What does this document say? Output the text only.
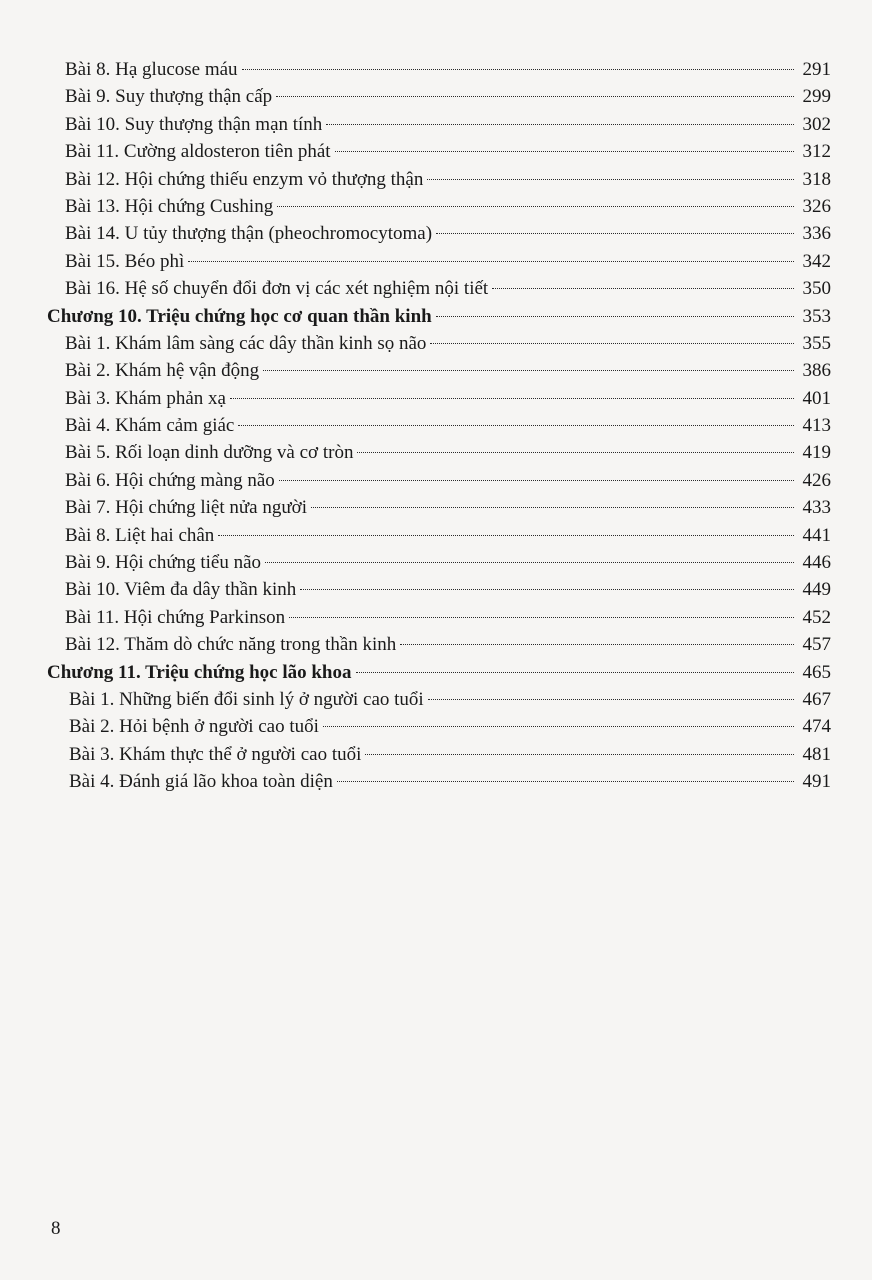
Bài 8. Hạ glucose máu	291
Bài 9. Suy thượng thận cấp	299
Bài 10. Suy thượng thận mạn tính	302
Bài 11. Cường aldosteron tiên phát	312
Bài 12. Hội chứng thiếu enzym vỏ thượng thận	318
Bài 13. Hội chứng Cushing	326
Bài 14. U tủy thượng thận (pheochromocytoma)	336
Bài 15. Béo phì	342
Bài 16. Hệ số chuyển đổi đơn vị các xét nghiệm nội tiết	350
Chương 10. Triệu chứng học cơ quan thần kinh	353
Bài 1. Khám lâm sàng các dây thần kinh sọ não	355
Bài 2. Khám hệ vận động	386
Bài 3. Khám phản xạ	401
Bài 4. Khám cảm giác	413
Bài 5. Rối loạn dinh dưỡng và cơ tròn	419
Bài 6. Hội chứng màng não	426
Bài 7. Hội chứng liệt nửa người	433
Bài 8. Liệt hai chân	441
Bài 9. Hội chứng tiểu não	446
Bài 10. Viêm đa dây thần kinh	449
Bài 11. Hội chứng Parkinson	452
Bài 12. Thăm dò chức năng trong thần kinh	457
Chương 11. Triệu chứng học lão khoa	465
Bài 1. Những biến đổi sinh lý ở người cao tuổi	467
Bài 2. Hỏi bệnh ở người cao tuổi	474
Bài 3. Khám thực thể ở người cao tuổi	481
Bài 4. Đánh giá lão khoa toàn diện	491
8
